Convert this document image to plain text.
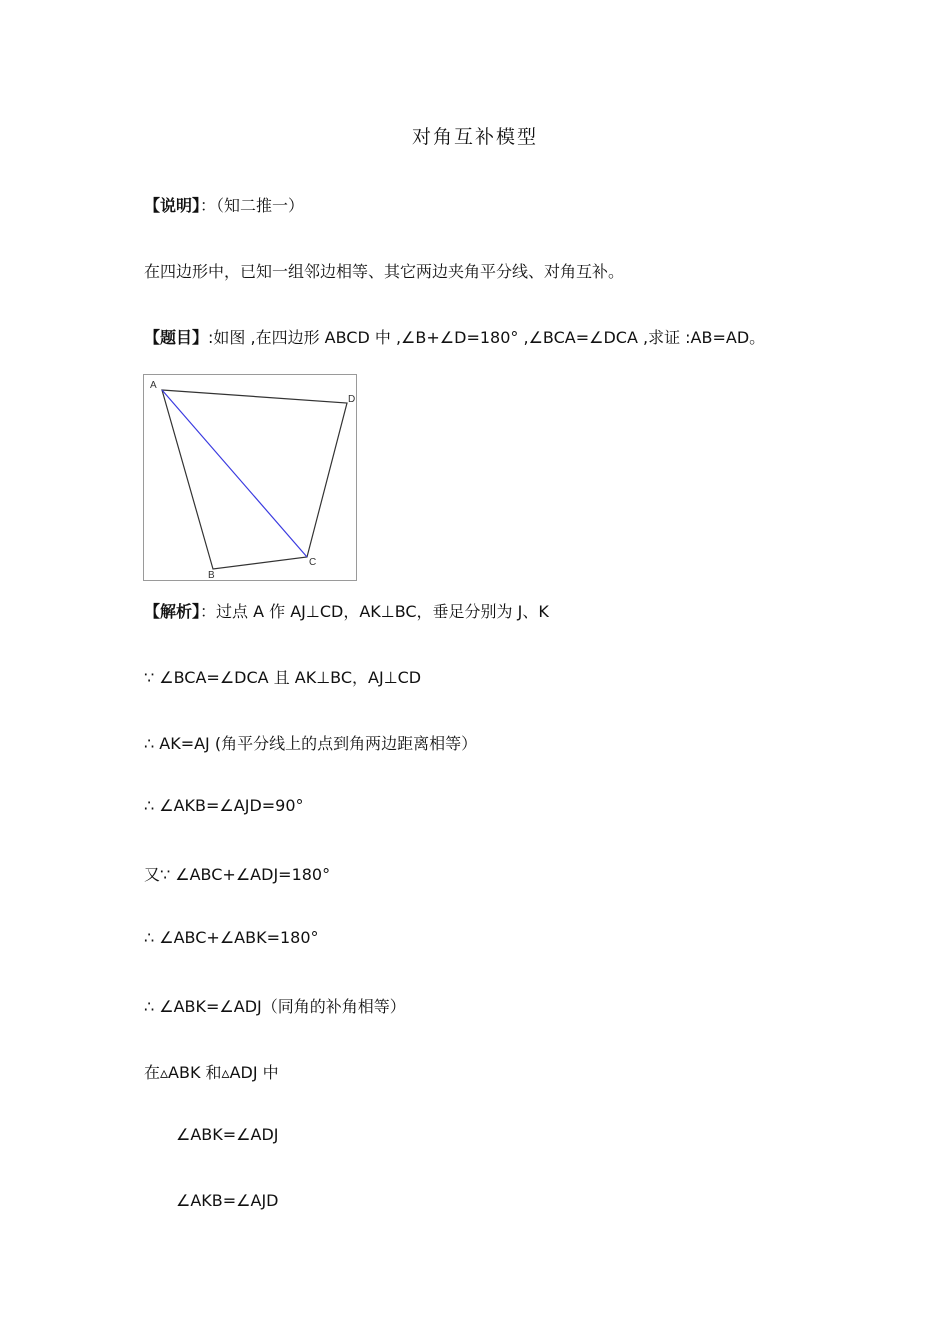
对角互补模型
【说明】：（知二推一）
在四边形中，已知一组邻边相等、其它两边夹角平分线、对角互补。
【题目】:如图 ,在四边形 ABCD 中 ,∠B+∠D=180° ,∠BCA=∠DCA ,求证 :AB=AD。
A
D
C
B
【解析】：过点 A 作 AJ⊥CD，AK⊥BC，垂足分别为 J、K
∵ ∠BCA=∠DCA 且 AK⊥BC，AJ⊥CD
∴ AK=AJ (角平分线上的点到角两边距离相等）
∴ ∠AKB=∠AJD=90°
又∵ ∠ABC+∠ADJ=180°
∴ ∠ABC+∠ABK=180°
∴ ∠ABK=∠ADJ（同角的补角相等）
在▵ABK 和▵ADJ 中
∠ABK=∠ADJ
∠AKB=∠AJD
